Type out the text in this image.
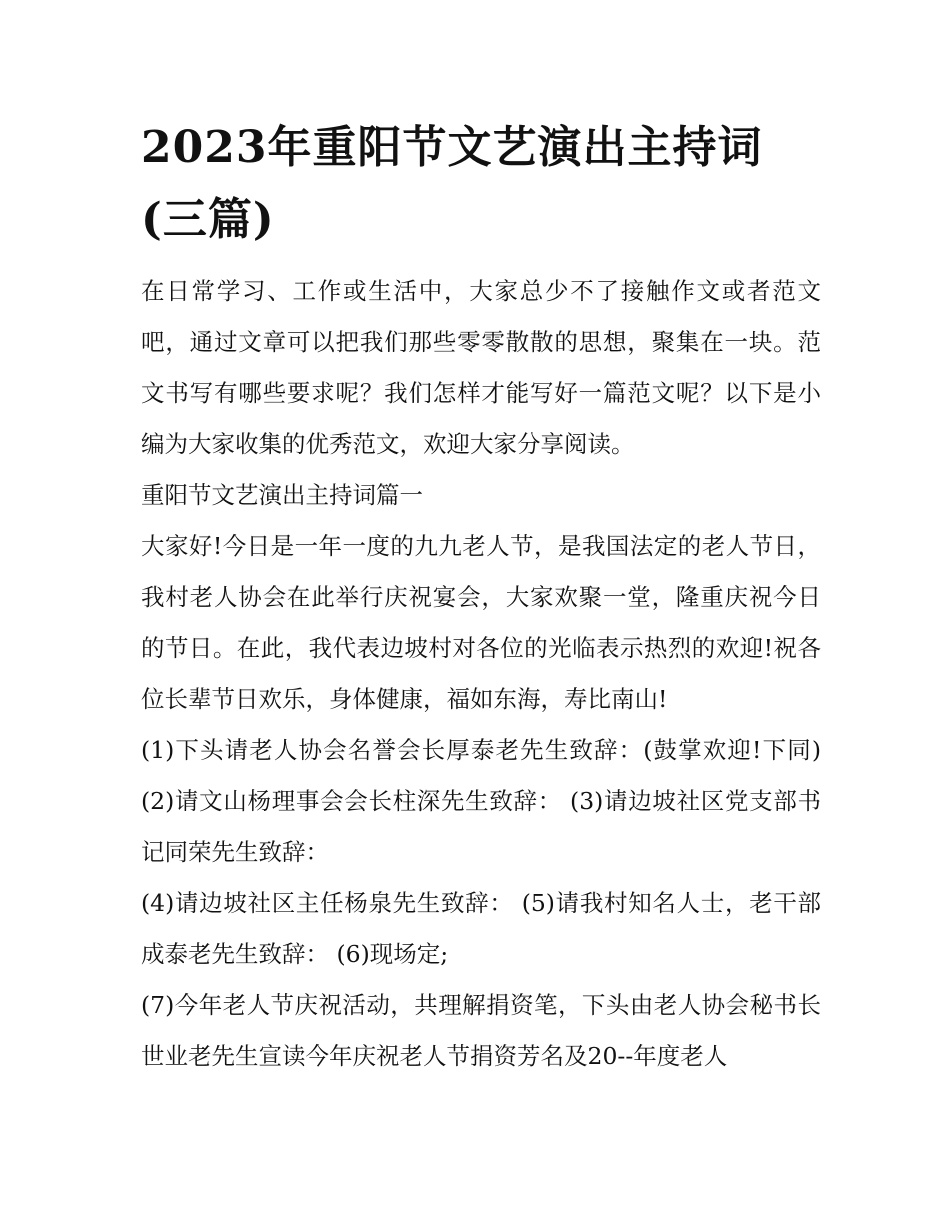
2023年重阳节文艺演出主持词(三篇)

在日常学习、工作或生活中，大家总少不了接触作文或者范文吧，通过文章可以把我们那些零零散散的思想，聚集在一块。范文书写有哪些要求呢？我们怎样才能写好一篇范文呢？以下是小编为大家收集的优秀范文，欢迎大家分享阅读。

重阳节文艺演出主持词篇一

大家好!今日是一年一度的九九老人节，是我国法定的老人节日，我村老人协会在此举行庆祝宴会，大家欢聚一堂，隆重庆祝今日的节日。在此，我代表边坡村对各位的光临表示热烈的欢迎!祝各位长辈节日欢乐，身体健康，福如东海，寿比南山!

(1)下头请老人协会名誉会长厚泰老先生致辞：(鼓掌欢迎!下同) (2)请文山杨理事会会长柱深先生致辞： (3)请边坡社区党支部书记同荣先生致辞：

(4)请边坡社区主任杨泉先生致辞： (5)请我村知名人士，老干部成泰老先生致辞： (6)现场定;

(7)今年老人节庆祝活动，共理解捐资笔，下头由老人协会秘书长世业老先生宣读今年庆祝老人节捐资芳名及20--年度老人
